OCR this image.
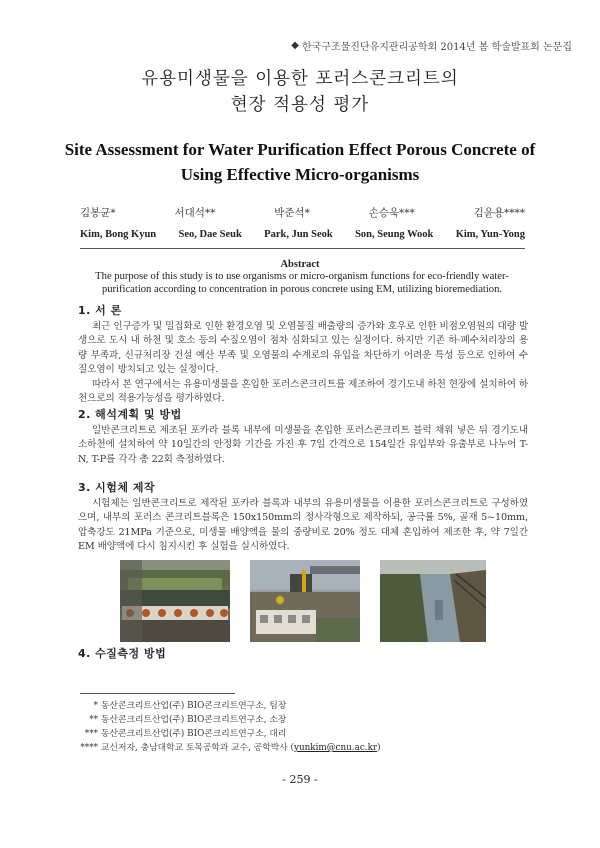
◆ 한국구조물진단유지관리공학회 2014년 봄 학술발표회 논문집
유용미생물을 이용한 포러스콘크리트의
현장 적용성 평가
Site Assessment for Water Purification Effect Porous Concrete of
Using Effective Micro-organisms
김봉균*	서대석**	박준석*	손승욱***	김윤용****
Kim, Bong Kyun Seo, Dae Seuk Park, Jun Seok Son, Seung Wook Kim, Yun-Yong
Abstract
The purpose of this study is to use organisms or micro-organism functions for eco-friendly water-purification according to concentration in porous concrete using EM, utilizing bioremediation.
1. 서 론

최근 인구증가 및 밀집화로 인한 환경오염 및 오염물질 배출량의 증가와 호우로 인한 비점오염원의 대량 발생으로 도시 내 하천 및 호소 등의 수질오염이 점차 심화되고 있는 실정이다. 하지만 기존 하·폐수처리장의 용량 부족과, 신규처리장 건설 예산 부족 및 오염물의 수계로의 유입을 차단하기 어려운 특성 등으로 인하여 수질오염이 방치되고 있는 실정이다.

따라서 본 연구에서는 유용미생물을 혼입한 포러스콘크리트를 제조하여 경기도내 하천 현장에 설치하여 하천으로의 적용가능성을 평가하였다.

2. 해석계획 및 방법

일반콘크리트로 제조된 포카라 블록 내부에 미생물을 혼입한 포러스콘크리트 블럭 채워 넣은 뒤 경기도내 소하천에 설치하여 약 10일간의 안정화 기간을 가진 후 7일 간격으로 154일간 유입부와 유출부로 나누어 T-N, T-P를 각각 총 22회 측정하였다.

3. 시험체 제작

시험체는 일반콘크리트로 제작된 포카라 블록과 내부의 유용미생물을 이용한 포러스콘크리트로 구성하였으며, 내부의 포러스 콘크리트블록은 150x150mm의 정사각형으로 제작하되, 공극률 5%, 골재 5~10mm, 압축강도 21MPa 기준으로, 미생물 배양액을 물의 중량비로 20% 정도 대체 혼입하여 제조한 후, 약 7일간 EM 배양액에 다시 침지시킨 후 실험을 실시하였다.

4. 수질측정 방법
* 동산콘크리트산업(주) BIO콘크리트연구소, 팀장
** 동산콘크리트산업(주) BIO콘크리트연구소, 소장
*** 동산콘크리트산업(주) BIO콘크리트연구소, 대리
**** 교신저자, 충남대학교 토목공학과 교수, 공학박사 (yunkim@cnu.ac.kr)
- 259 -
